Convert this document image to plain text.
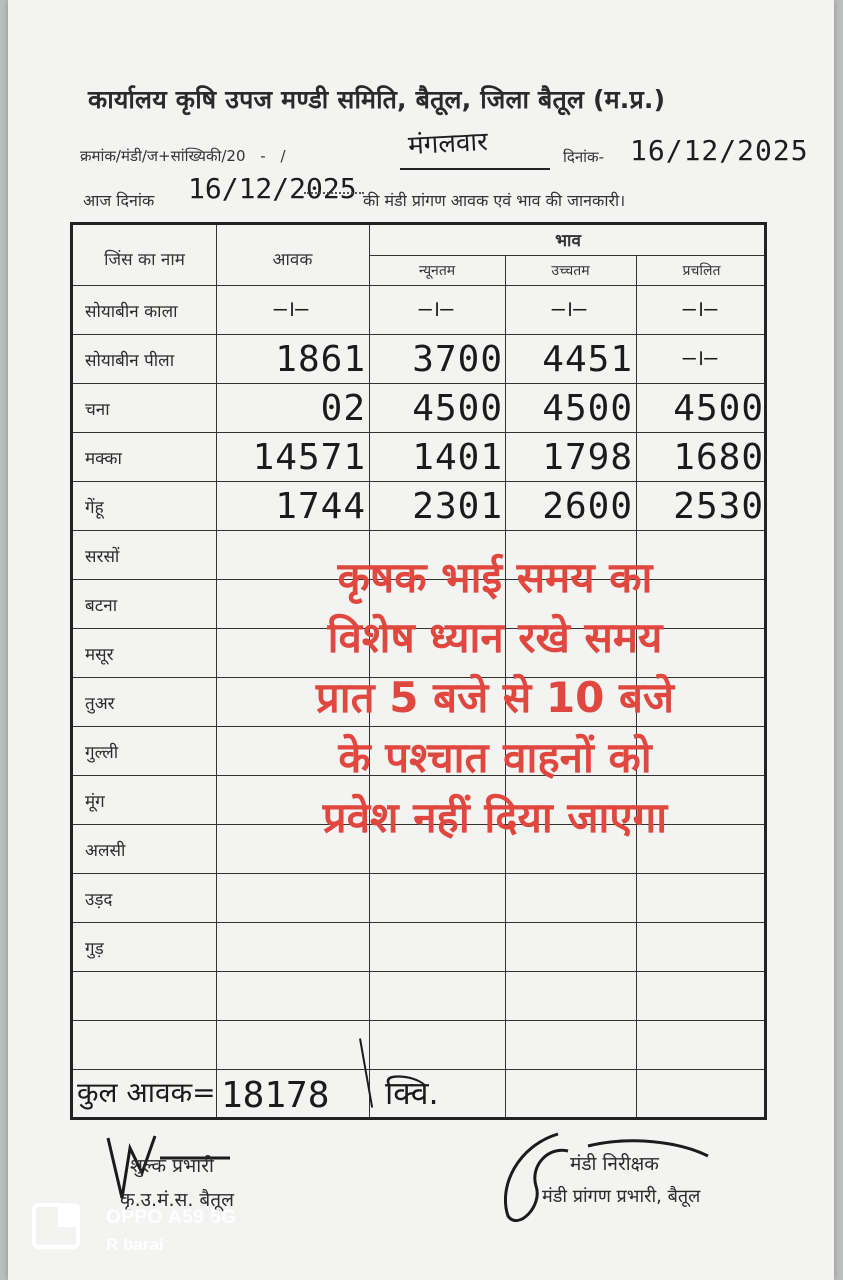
कार्यालय कृषि उपज मण्डी समिति, बैतूल, जिला बैतूल (म.प्र.)
क्रमांक/मंडी/ज+सांख्यिकी/20 - /	मंगलवार	दिनांक- 16/12/2025
आज दिनांक 16/12/2025 की मंडी प्रांगण आवक एवं भाव की जानकारी।
जिंस का नाम	आवक
भाव
न्यूनतम	उच्चतम	प्रचलित
कुल आवक= 18178 क्वि.
सोयाबीन काला	—।—	—।—	—।—	—।—
सोयाबीन पीला	1861	3700	4451	—।—
चना	02	4500	4500	4500
मक्का	14571	1401	1798	1680
गेंहू	1744	2301	2600	2530
सरसों
बटना
मसूर
तुअर
गुल्ली
मूंग
अलसी
उड़द
गुड़
कृषक भाई समय का
विशेष ध्यान रखे समय
प्रात 5 बजे से 10 बजे
के पश्चात वाहनों को
प्रवेश नहीं दिया जाएगा
शुल्क प्रभारी
कृ.उ.मं.स. बैतूल
मंडी निरीक्षक
मंडी प्रांगण प्रभारी, बैतूल
OPPO A59 5G
R barai
